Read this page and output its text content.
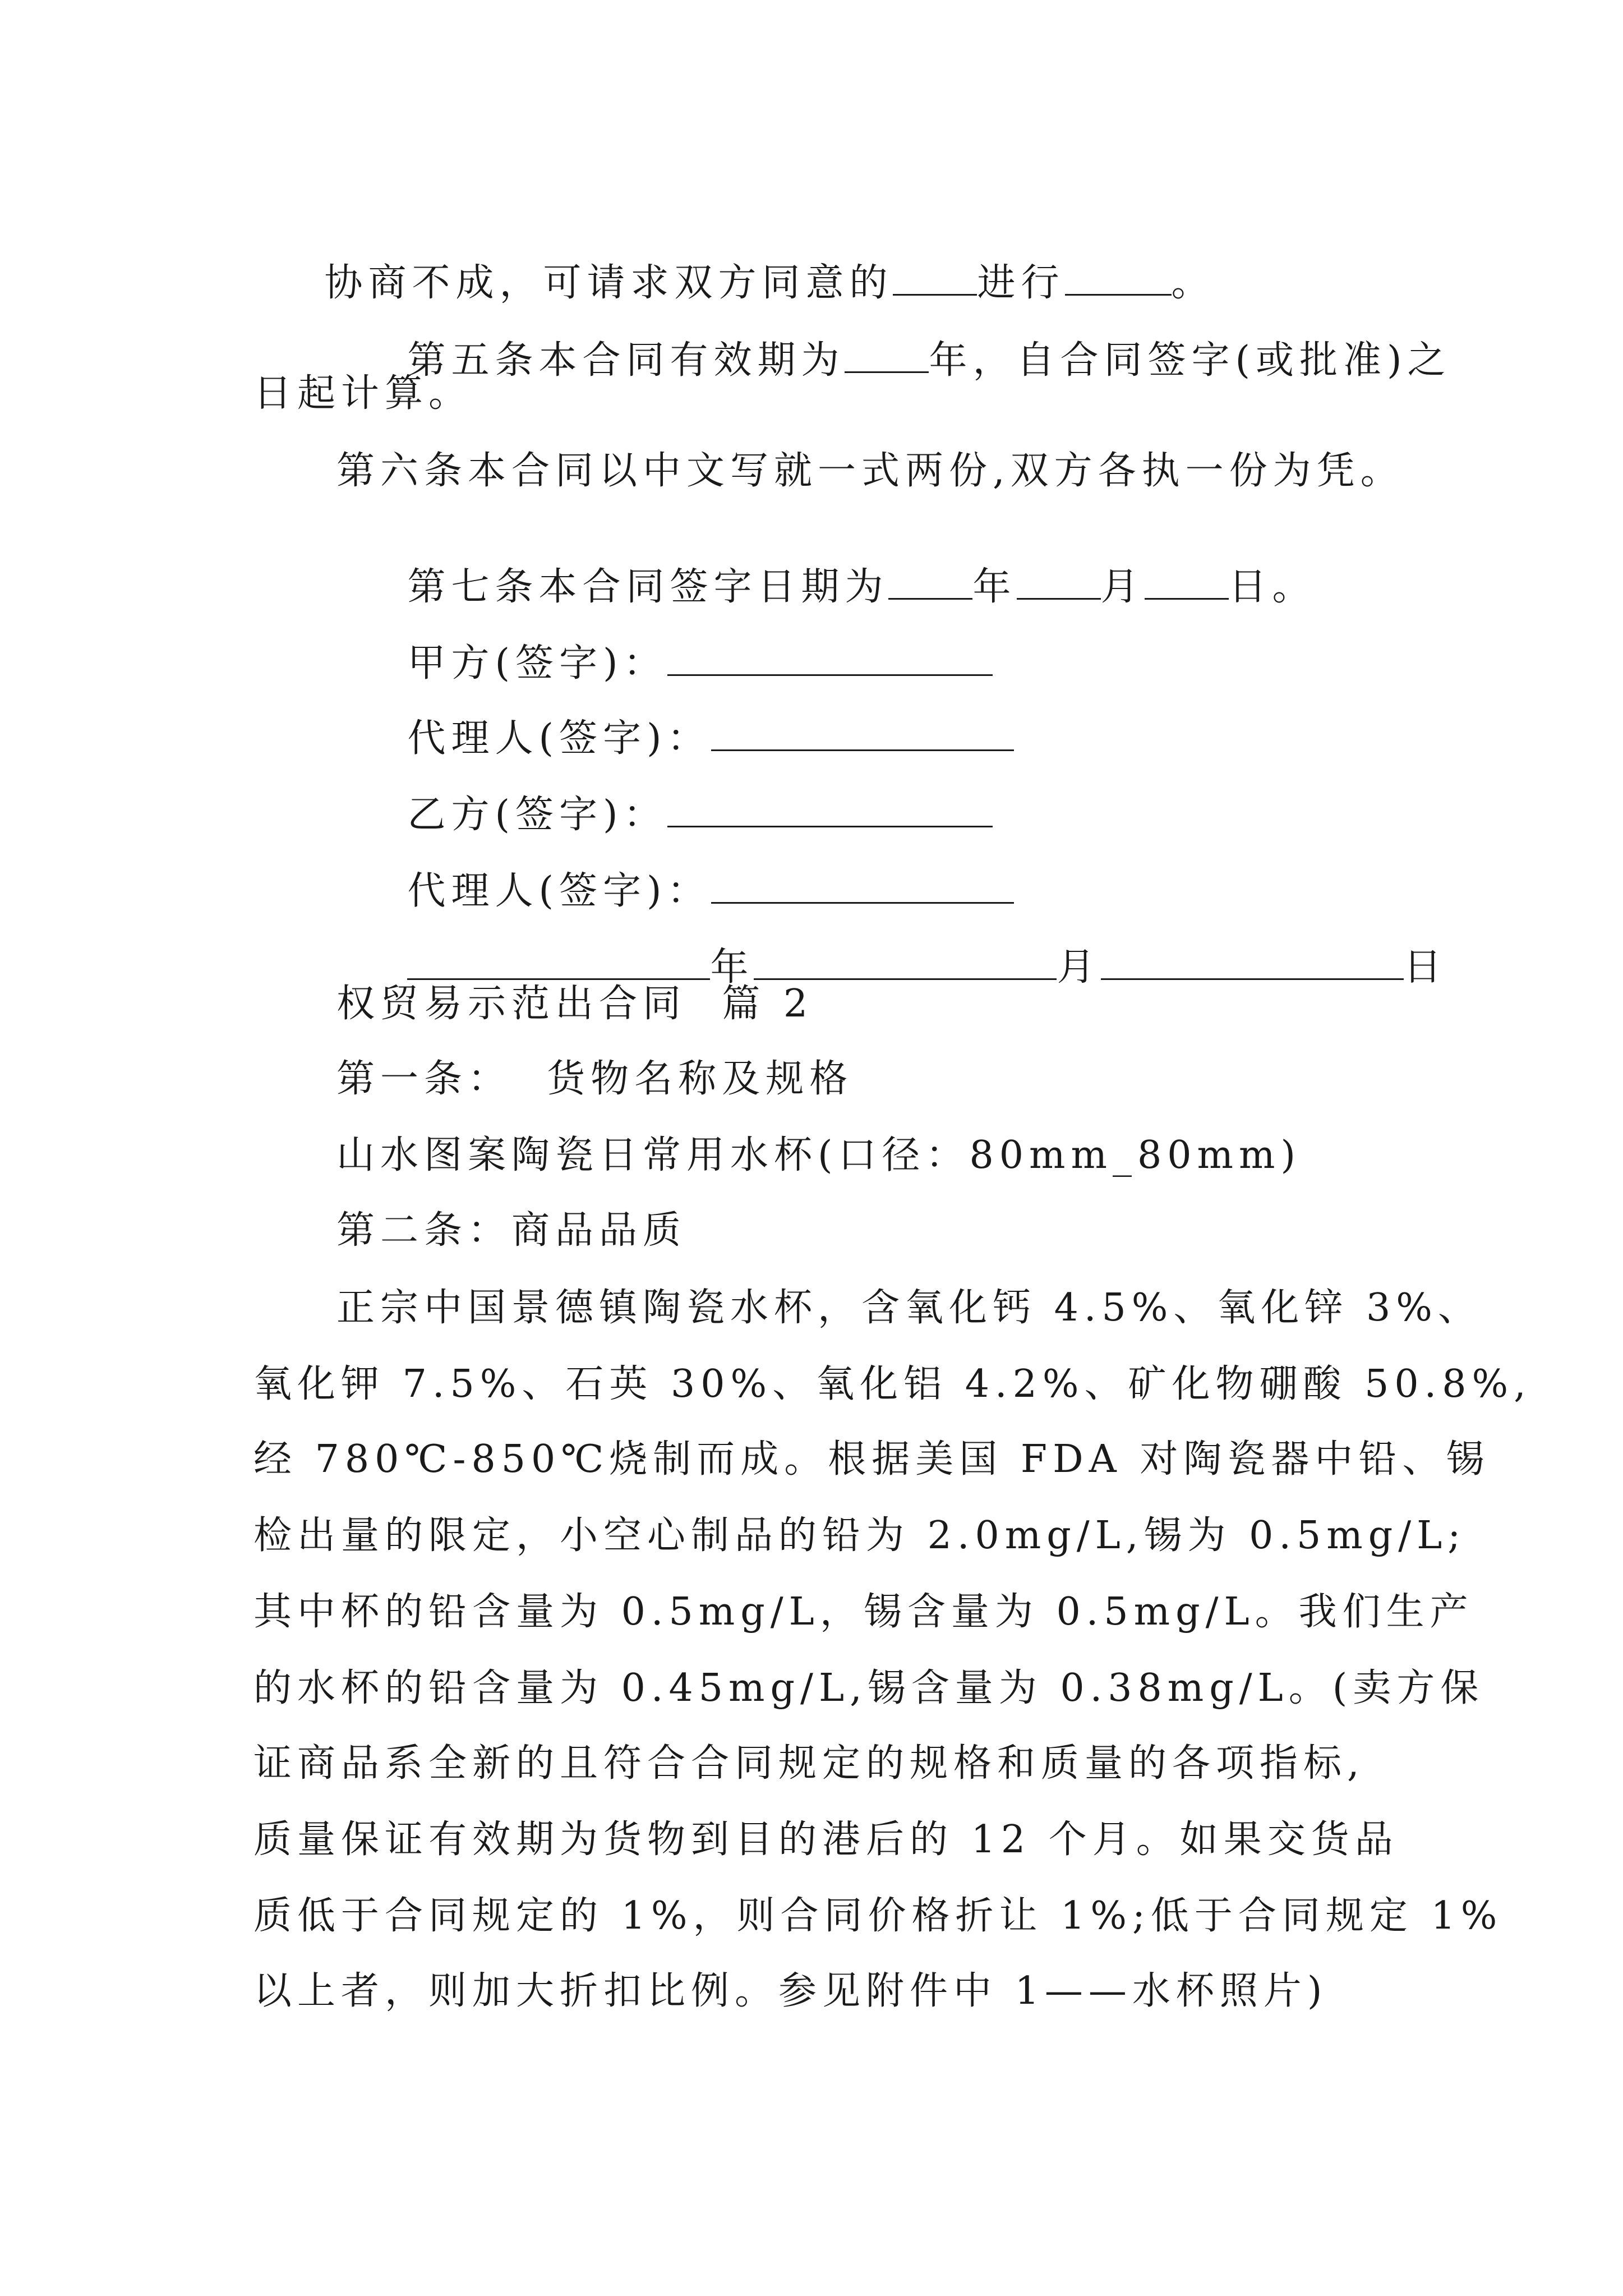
协商不成，可请求双方同意的 进行	。

第五条本合同有效期为 年，自合同签字(或批准)之

日起计算。
第六条本合同以中文写就一式两份,双方各执一份为凭。

第七条本合同签字日期为 年 月 日。

甲方(签字)：

代理人(签字)：

乙方(签字)：

代理人(签字)：

年	月	日

权贸易示范出合同  篇 2
第一条：  货物名称及规格
山水图案陶瓷日常用水杯(口径：80mm_80mm)
第二条：商品品质
正宗中国景德镇陶瓷水杯，含氧化钙 4.5%、氧化锌 3%、
氧化钾 7.5%、石英 30%、氧化铝 4.2%、矿化物硼酸 50.8%,
经 780℃-850℃烧制而成。根据美国 FDA 对陶瓷器中铅、锡
检出量的限定，小空心制品的铅为 2.0mg/L,锡为 0.5mg/L;
其中杯的铅含量为 0.5mg/L，锡含量为 0.5mg/L。我们生产
的水杯的铅含量为 0.45mg/L,锡含量为 0.38mg/L。(卖方保
证商品系全新的且符合合同规定的规格和质量的各项指标,
质量保证有效期为货物到目的港后的 12 个月。如果交货品
质低于合同规定的 1%，则合同价格折让 1%;低于合同规定 1%
以上者，则加大折扣比例。参见附件中 1——水杯照片)
